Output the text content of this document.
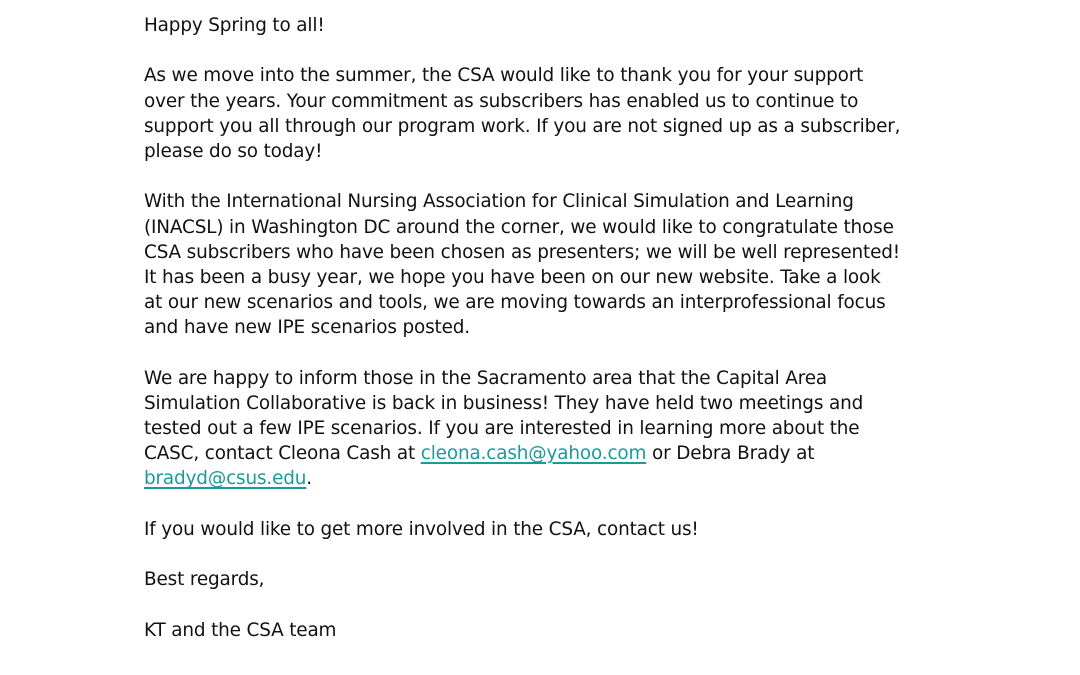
Happy Spring to all!
As we move into the summer, the CSA would like to thank you for your support
over the years. Your commitment as subscribers has enabled us to continue to
support you all through our program work. If you are not signed up as a subscriber,
please do so today!
With the International Nursing Association for Clinical Simulation and Learning
(INACSL) in Washington DC around the corner, we would like to congratulate those
CSA subscribers who have been chosen as presenters; we will be well represented!
It has been a busy year, we hope you have been on our new website. Take a look
at our new scenarios and tools, we are moving towards an interprofessional focus
and have new IPE scenarios posted.
We are happy to inform those in the Sacramento area that the Capital Area
Simulation Collaborative is back in business! They have held two meetings and
tested out a few IPE scenarios. If you are interested in learning more about the
CASC, contact Cleona Cash at cleona.cash@yahoo.com or Debra Brady at
bradyd@csus.edu.
If you would like to get more involved in the CSA, contact us!
Best regards,
KT and the CSA team
